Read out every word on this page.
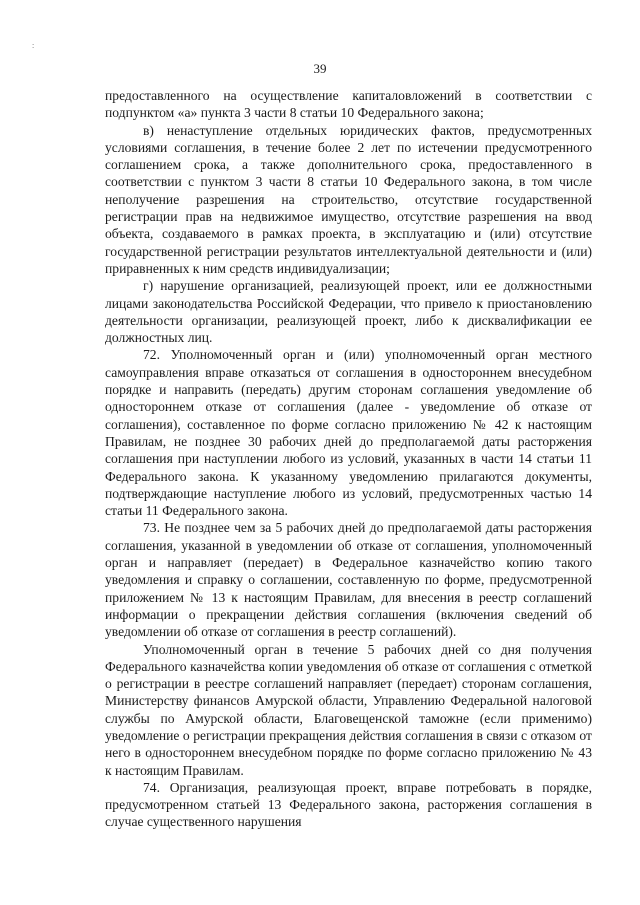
:
39

предоставленного на осуществление капиталовложений в соответствии с подпунктом «а» пункта 3 части 8 статьи 10 Федерального закона;

в) ненаступление отдельных юридических фактов, предусмотренных условиями соглашения, в течение более 2 лет по истечении предусмотренного соглашением срока, а также дополнительного срока, предоставленного в соответствии с пунктом 3 части 8 статьи 10 Федерального закона, в том числе неполучение разрешения на строительство, отсутствие государственной регистрации прав на недвижимое имущество, отсутствие разрешения на ввод объекта, создаваемого в рамках проекта, в эксплуатацию и (или) отсутствие государственной регистрации результатов интеллектуальной деятельности и (или) приравненных к ним средств индивидуализации;

г) нарушение организацией, реализующей проект, или ее должностными лицами законодательства Российской Федерации, что привело к приостановлению деятельности организации, реализующей проект, либо к дисквалификации ее должностных лиц.

72. Уполномоченный орган и (или) уполномоченный орган местного самоуправления вправе отказаться от соглашения в одностороннем внесудебном порядке и направить (передать) другим сторонам соглашения уведомление об одностороннем отказе от соглашения (далее - уведомление об отказе от соглашения), составленное по форме согласно приложению № 42 к настоящим Правилам, не позднее 30 рабочих дней до предполагаемой даты расторжения соглашения при наступлении любого из условий, указанных в части 14 статьи 11 Федерального закона. К указанному уведомлению прилагаются документы, подтверждающие наступление любого из условий, предусмотренных частью 14 статьи 11 Федерального закона.

73. Не позднее чем за 5 рабочих дней до предполагаемой даты расторжения соглашения, указанной в уведомлении об отказе от соглашения, уполномоченный орган и направляет (передает) в Федеральное казначейство копию такого уведомления и справку о соглашении, составленную по форме, предусмотренной приложением № 13 к настоящим Правилам, для внесения в реестр соглашений информации о прекращении действия соглашения (включения сведений об уведомлении об отказе от соглашения в реестр соглашений).

Уполномоченный орган в течение 5 рабочих дней со дня получения Федерального казначейства копии уведомления об отказе от соглашения с отметкой о регистрации в реестре соглашений направляет (передает) сторонам соглашения, Министерству финансов Амурской области, Управлению Федеральной налоговой службы по Амурской области, Благовещенской таможне (если применимо) уведомление о регистрации прекращения действия соглашения в связи с отказом от него в одностороннем внесудебном порядке по форме согласно приложению № 43 к настоящим Правилам.

74. Организация, реализующая проект, вправе потребовать в порядке, предусмотренном статьей 13 Федерального закона, расторжения соглашения в случае существенного нарушения
